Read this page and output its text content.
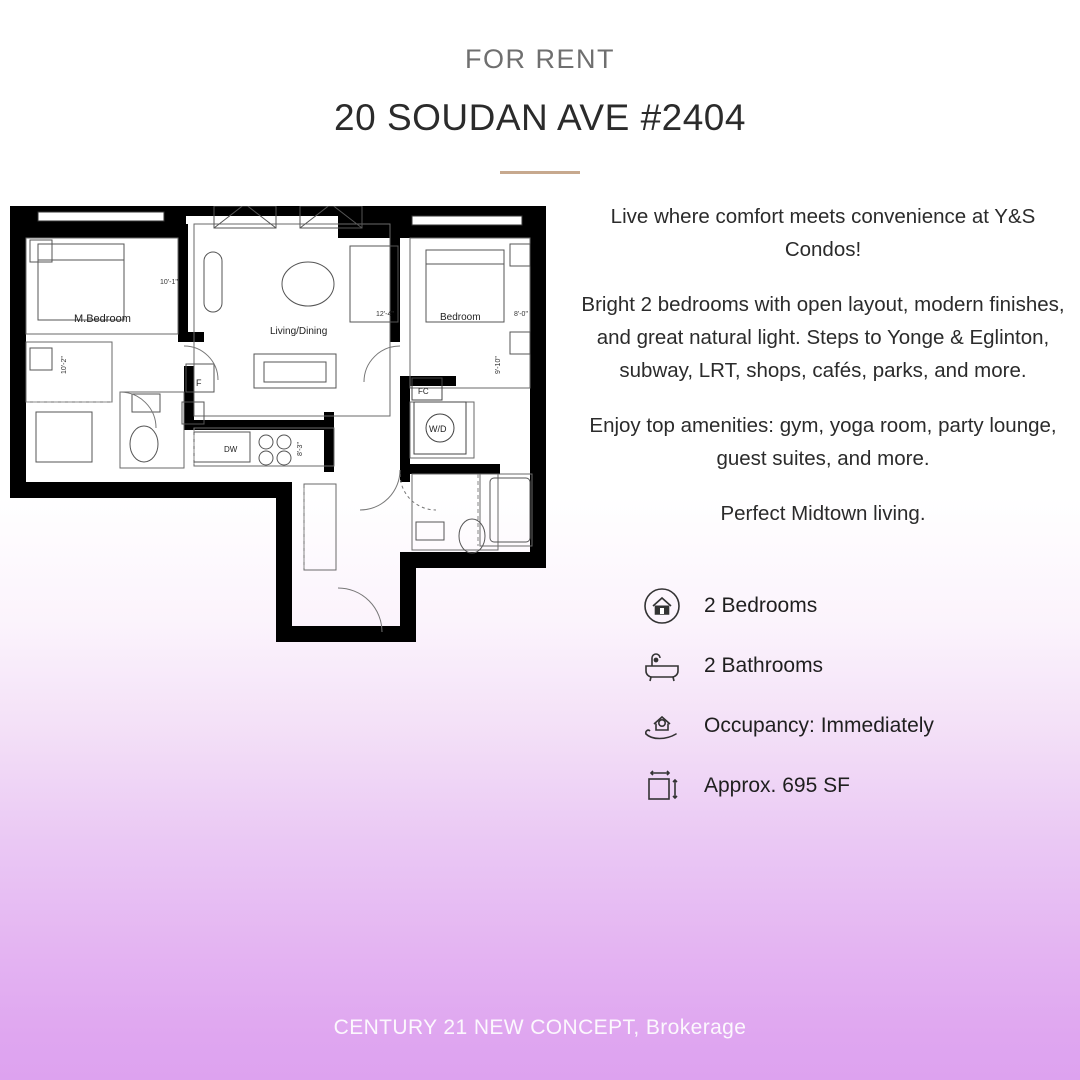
FOR RENT
20 SOUDAN AVE #2404
M.Bedroom
Living/Dining
Bedroom
F
DW
W/D
FC
10'-1"
10'-2"
12'-4"	8'-0"
9'-10"
8'-3"

Live where comfort meets convenience at Y&S Condos!

Bright 2 bedrooms with open layout, modern finishes, and great natural light. Steps to Yonge & Eglinton, subway, LRT, shops, cafés, parks, and more.

Enjoy top amenities: gym, yoga room, party lounge, guest suites, and more.

Perfect Midtown living.

2 Bedrooms
2 Bathrooms
Occupancy: Immediately
Approx. 695 SF
CENTURY 21 NEW CONCEPT, Brokerage
